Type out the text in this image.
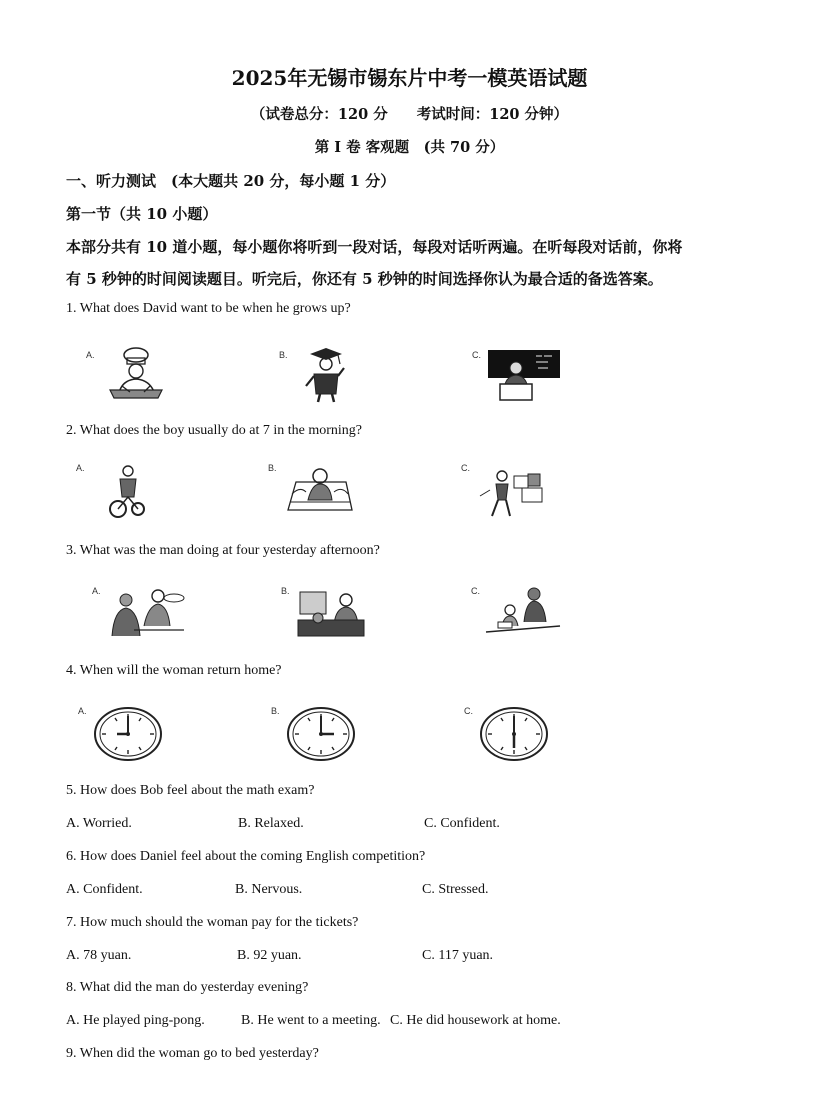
2025年无锡市锡东片中考一模英语试题
（试卷总分：120 分　　考试时间：120 分钟）
第 I 卷 客观题　(共 70 分）
一、听力测试　(本大题共 20 分，每小题 1 分）
第一节（共 10 小题）
本部分共有 10 道小题，每小题你将听到一段对话，每段对话听两遍。在听每段对话前，你将
有 5 秒钟的时间阅读题目。听完后，你还有 5 秒钟的时间选择你认为最合适的备选答案。
1. What does David want to be when he grows up?
A.	B.	C.
2. What does the boy usually do at 7 in the morning?
A.	B.	C.
3. What was the man doing at four yesterday afternoon?
A.	B.	C.
4. When will the woman return home?
A.	B.	C.
5. How does Bob feel about the math exam?
A. Worried.	B. Relaxed.	C. Confident.
6. How does Daniel feel about the coming English competition?
A. Confident.	B. Nervous.	C. Stressed.
7. How much should the woman pay for the tickets?
A. 78 yuan.	B. 92 yuan.	C. 117 yuan.
8. What did the man do yesterday evening?
A. He played ping-pong.	B. He went to a meeting. C. He did housework at home.
9. When did the woman go to bed yesterday?
